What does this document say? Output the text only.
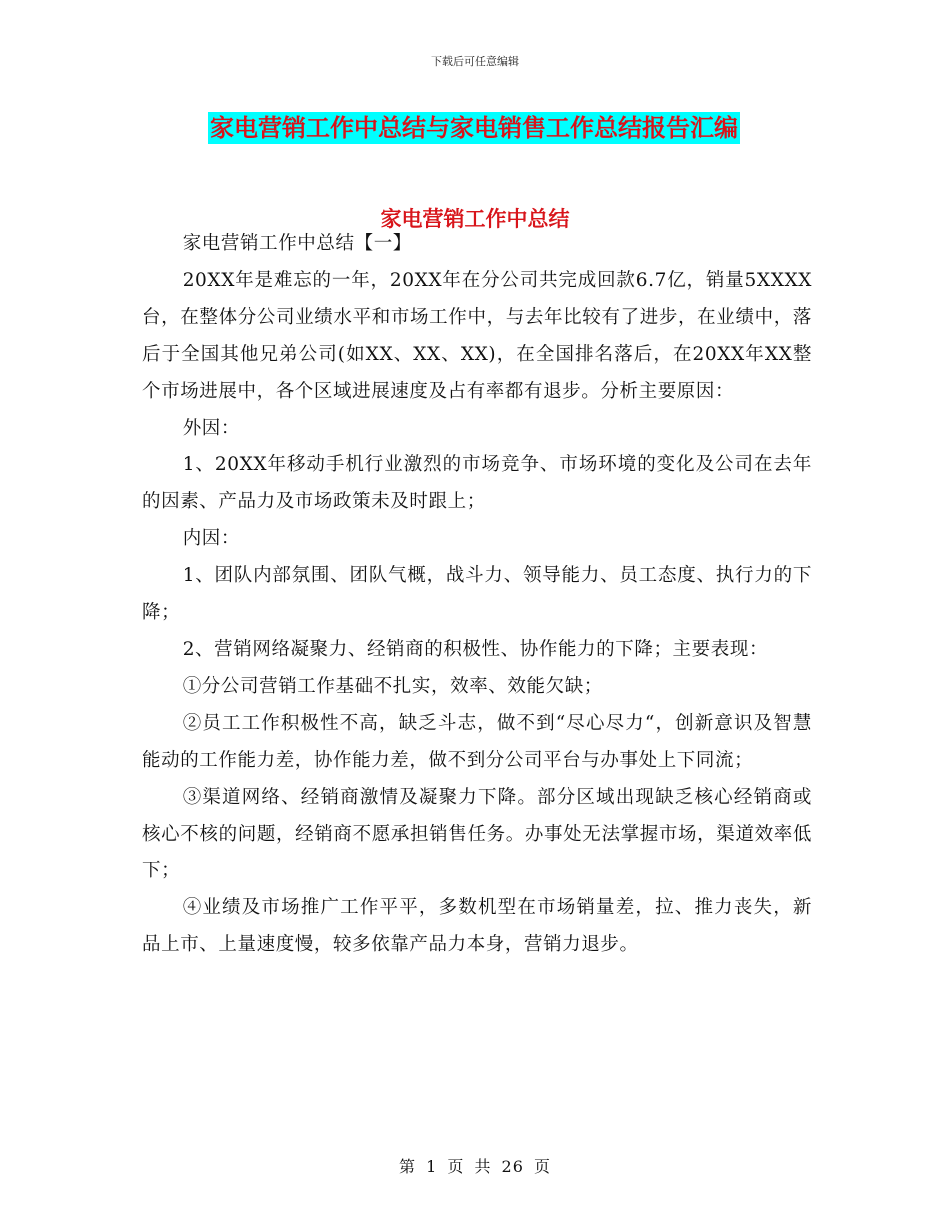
下载后可任意编辑
家电营销工作中总结与家电销售工作总结报告汇编
家电营销工作中总结

家电营销工作中总结【一】

20XX年是难忘的一年，20XX年在分公司共完成回款6.7亿，销量5XXXX台，在整体分公司业绩水平和市场工作中，与去年比较有了进步，在业绩中，落后于全国其他兄弟公司(如XX、XX、XX)，在全国排名落后，在20XX年XX整个市场进展中，各个区域进展速度及占有率都有退步。分析主要原因：

外因：

1、20XX年移动手机行业激烈的市场竞争、市场环境的变化及公司在去年的因素、产品力及市场政策未及时跟上；

内因：

1、团队内部氛围、团队气概，战斗力、领导能力、员工态度、执行力的下降；

2、营销网络凝聚力、经销商的积极性、协作能力的下降；主要表现：

①分公司营销工作基础不扎实，效率、效能欠缺；

②员工工作积极性不高，缺乏斗志，做不到“尽心尽力“，创新意识及智慧能动的工作能力差，协作能力差，做不到分公司平台与办事处上下同流；

③渠道网络、经销商激情及凝聚力下降。部分区域出现缺乏核心经销商或核心不核的问题，经销商不愿承担销售任务。办事处无法掌握市场，渠道效率低下；

④业绩及市场推广工作平平，多数机型在市场销量差，拉、推力丧失，新品上市、上量速度慢，较多依靠产品力本身，营销力退步。

第 1 页 共 26 页
